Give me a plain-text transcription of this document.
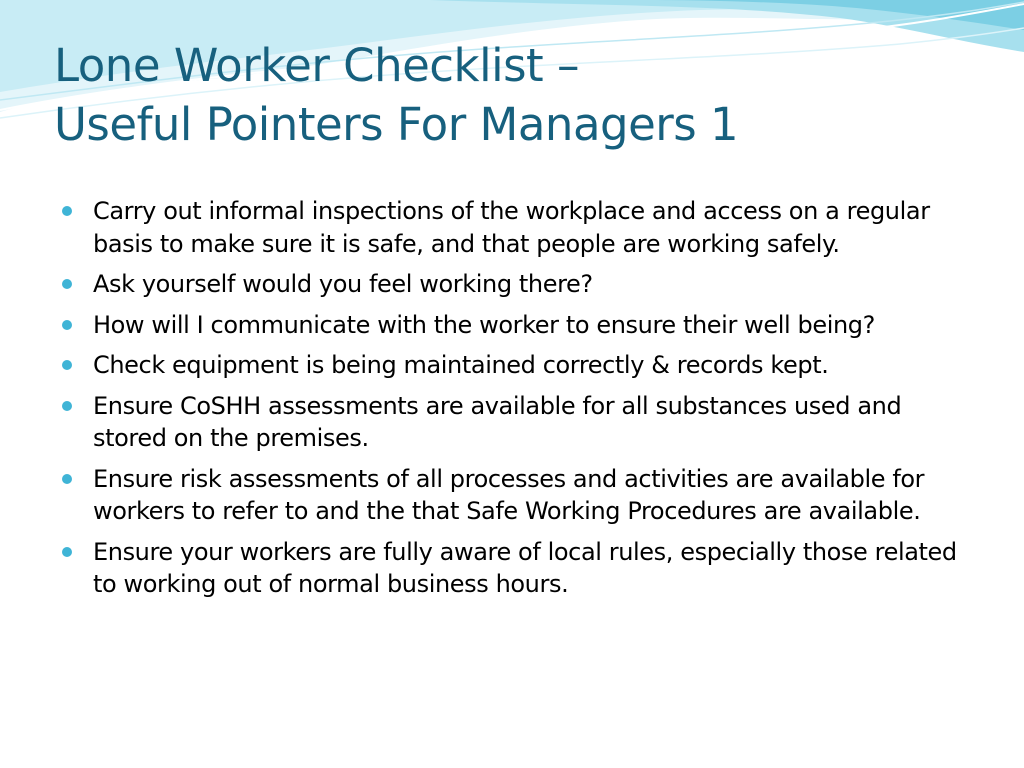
Lone Worker Checklist –
Useful Pointers For Managers 1
Carry out informal inspections of the workplace and access on a regular basis to make sure it is safe, and that people are working safely.
Ask yourself would you feel working there?
How will I communicate with the worker to ensure their well being?
Check equipment is being maintained correctly & records kept.
Ensure CoSHH assessments are available for all substances used and stored on the premises.
Ensure risk assessments of all processes and activities are available for workers to refer to and the that Safe Working Procedures are available.
Ensure your workers are fully aware of local rules, especially those related to working out of normal business hours.
